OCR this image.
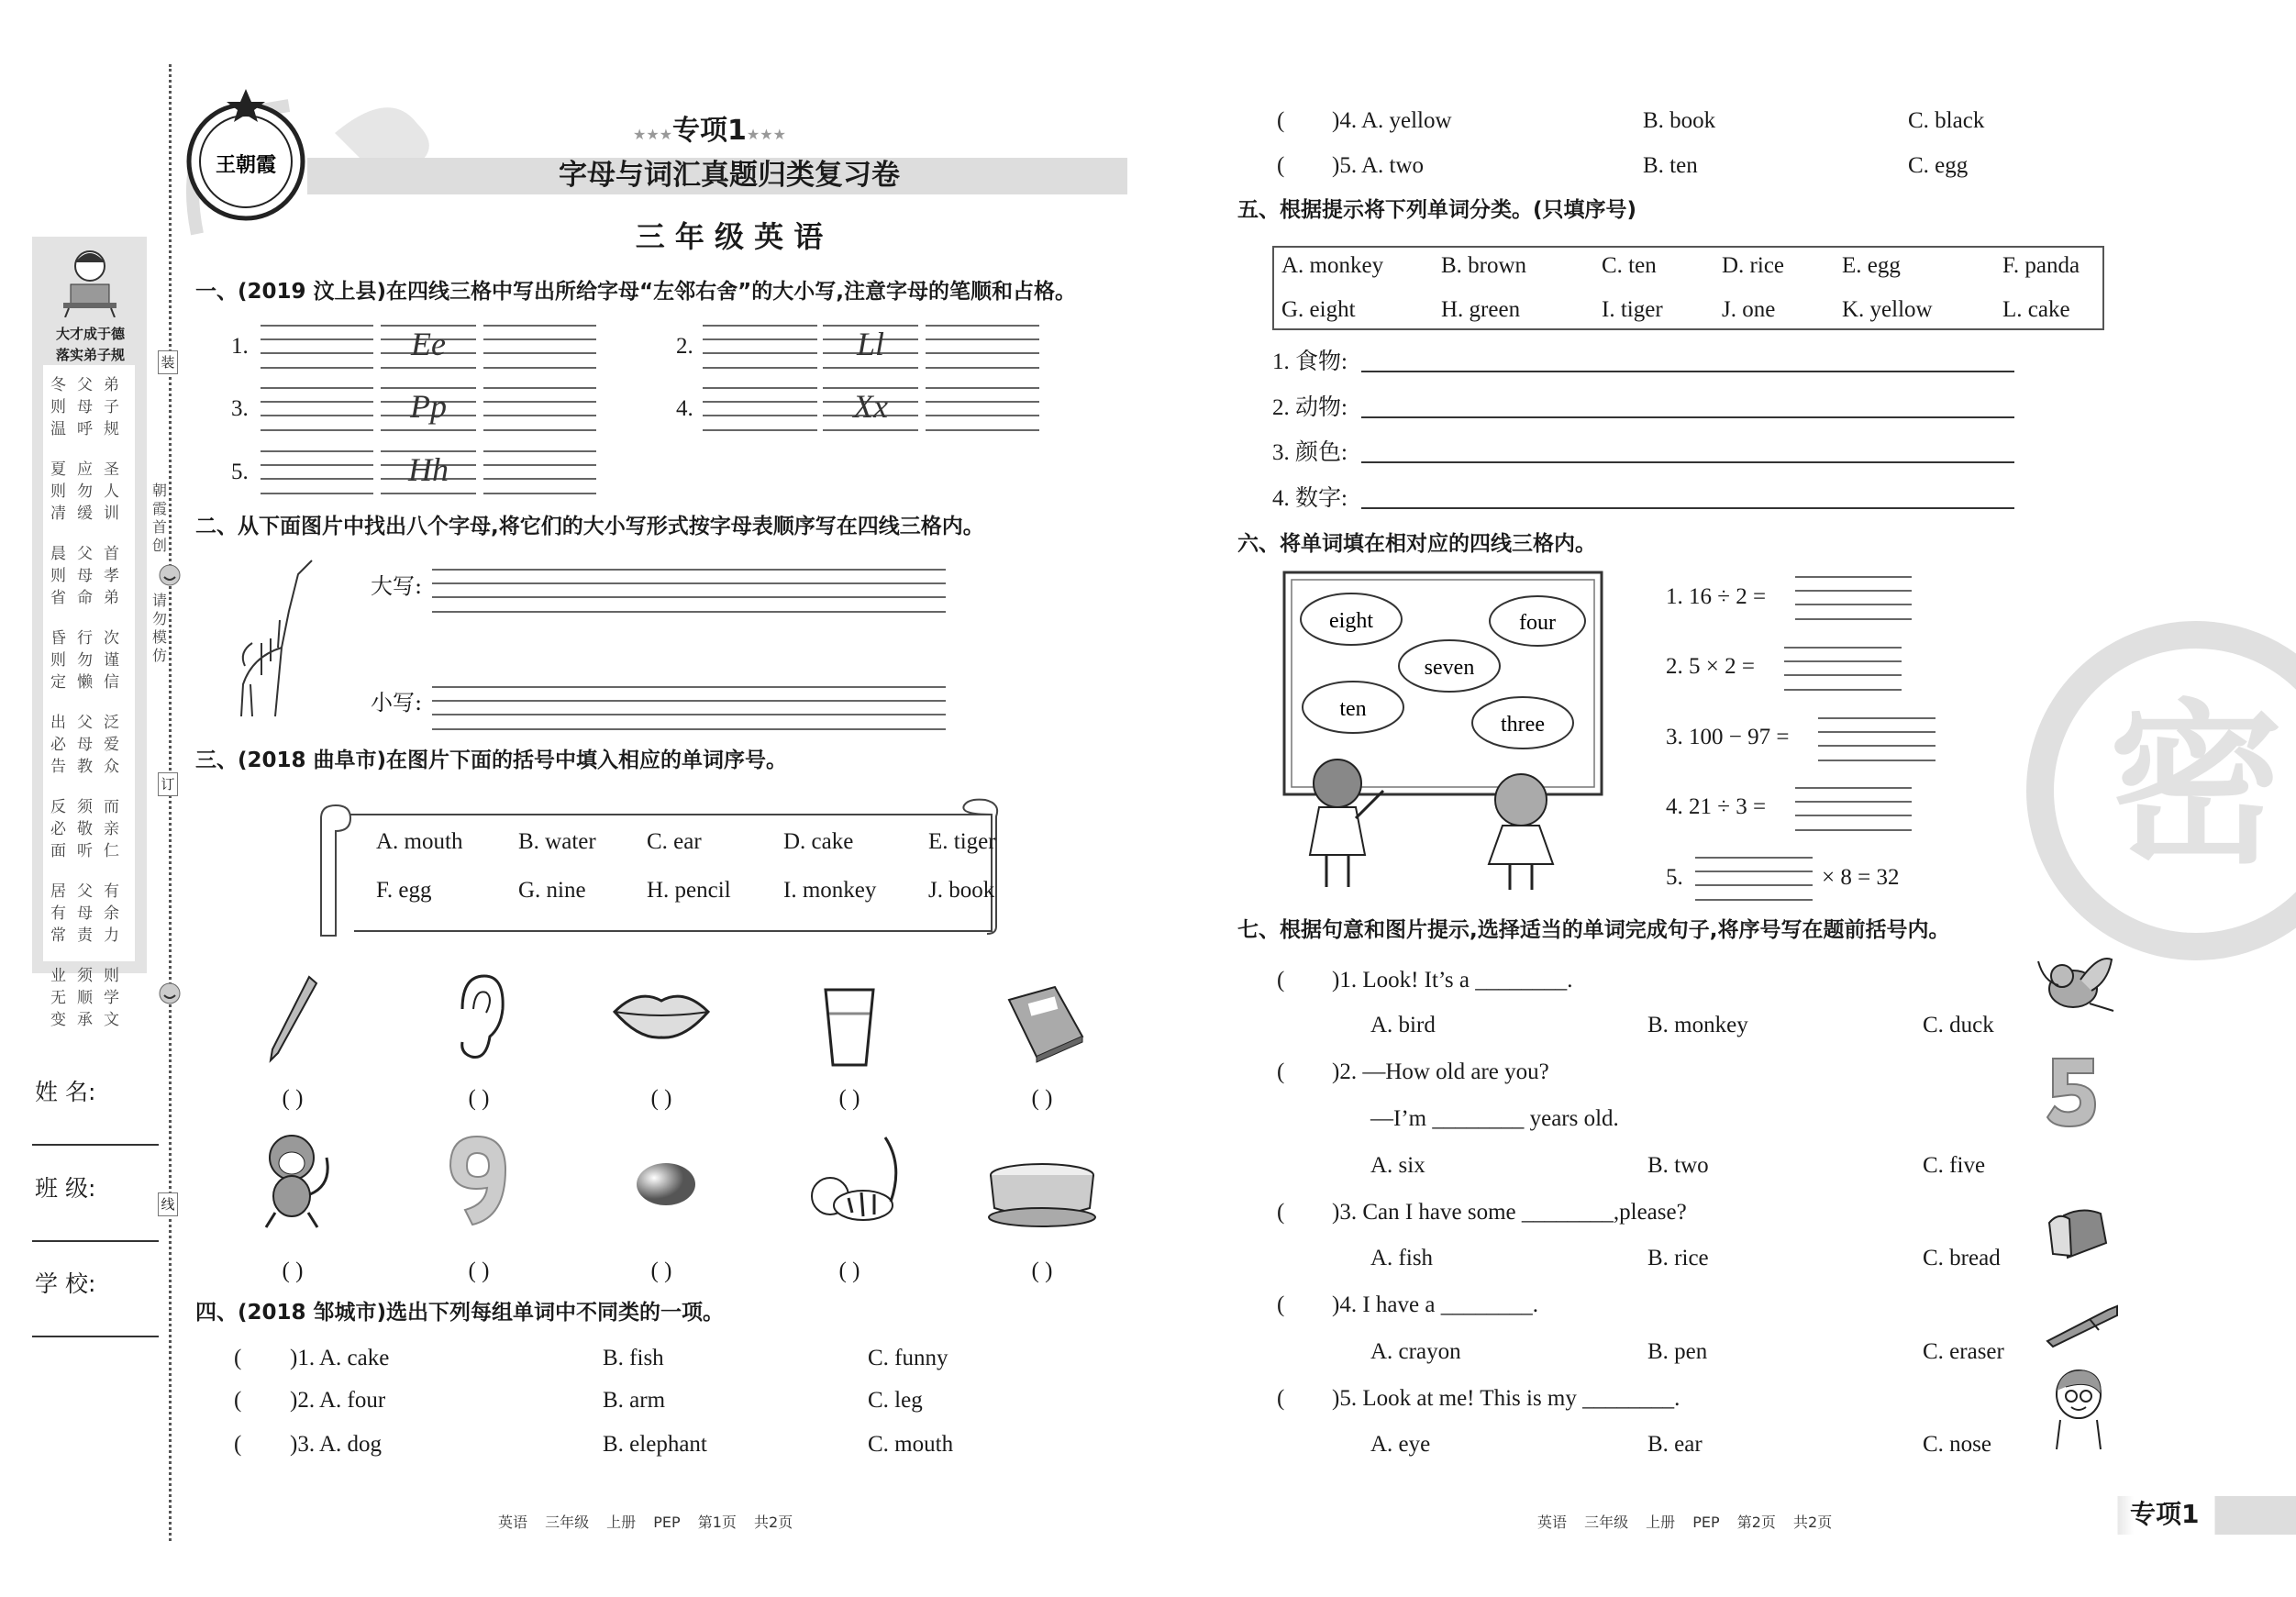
装
订
线
朝霞首创
请勿模仿
大才成于德
落实弟子规
冬父弟
则母子
温呼规
夏应圣
则勿人
凊缓训
晨父首
则母孝
省命弟
昏行次
则勿谨
定懒信
出父泛
必母爱
告教众
反须而
必敬亲
面听仁
居父有
有母余
常责力
业须则
无顺学
变承文
姓 名:
班 级:
学 校:
王朝霞
★★★专项1★★★
字母与词汇真题归类复习卷
三 年 级 英 语
一、(2019 汶上县)在四线三格中写出所给字母“左邻右舍”的大小写,注意字母的笔顺和占格。
1.	Ee	2.	Ll
3.	Pp	4.	Xx
5.	Hh
二、从下面图片中找出八个字母,将它们的大小写形式按字母表顺序写在四线三格内。
大写:
小写:
三、(2018 曲阜市)在图片下面的括号中填入相应的单词序号。
A. mouth B. water C. ear	D. cake	E. tiger
F. egg	G. nine	H. pencil I. monkey J. book
( )	( )	( )	( )	( )
( )	( )	( )	( )	( )
四、(2018 邹城市)选出下列每组单词中不同类的一项。
( )1. A. cake	B. fish	C. funny
( )2. A. four	B. arm	C. leg
( )3. A. dog	B. elephant	C. mouth
英语 三年级 上册 PEP 第1页 共2页
密
( )4. A. yellow	B. book	C. black
( )5. A. two	B. ten	C. egg
五、根据提示将下列单词分类。(只填序号)
A. monkey	B. brown	C. ten	D. rice	E. egg	F. panda
G. eight	H. green	I. tiger	J. one	K. yellow	L. cake
1. 食物:
2. 动物:
3. 颜色:
4. 数字:
六、将单词填在相对应的四线三格内。
eight	four
seven
ten
three
1. 16 ÷ 2 =
2. 5 × 2 =
3. 100 − 97 =
4. 21 ÷ 3 =
5.	× 8 = 32
七、根据句意和图片提示,选择适当的单词完成句子,将序号写在题前括号内。
( )1. Look! It’s a ________.
A. bird	B. monkey	C. duck
( )2. —How old are you?
—I’m ________ years old.
A. six	B. two	C. five
( )3. Can I have some ________,please?
A. fish	B. rice	C. bread
( )4. I have a ________.
A. crayon	B. pen	C. eraser
( )5. Look at me! This is my ________.
A. eye	B. ear	C. nose
英语 三年级 上册 PEP 第2页 共2页	专项1
